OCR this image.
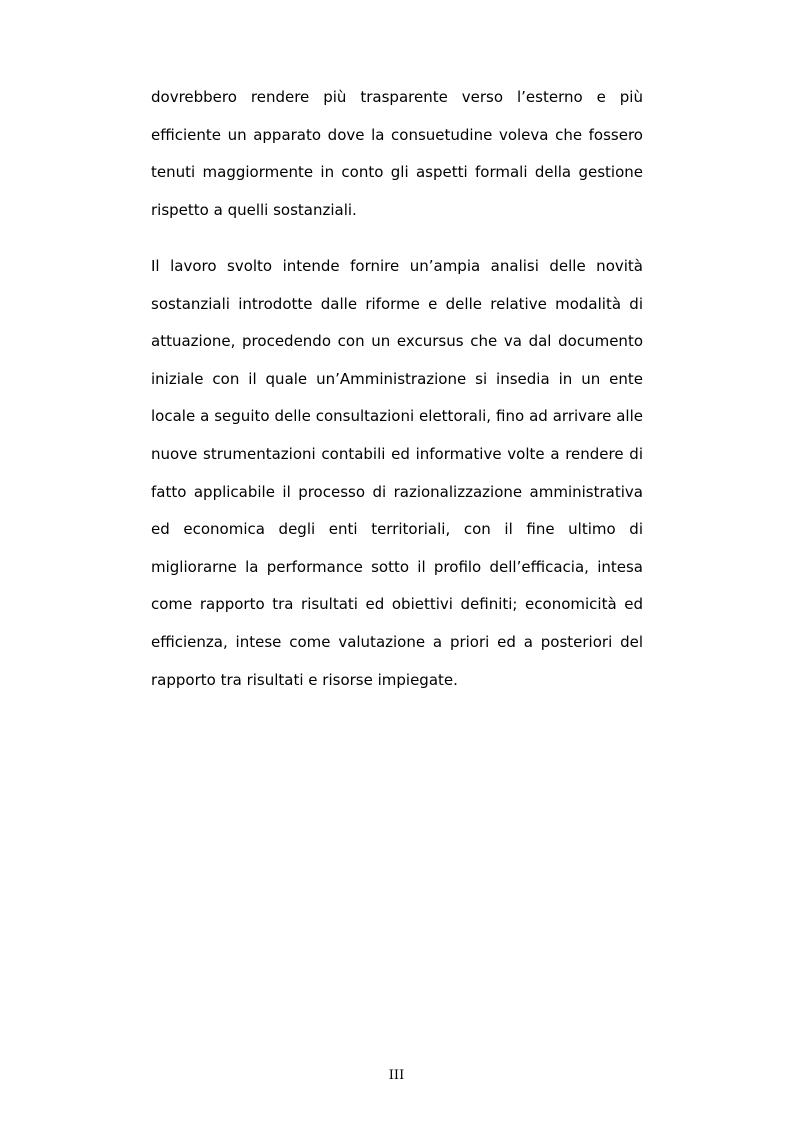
dovrebbero rendere più trasparente verso l’esterno e più efficiente un apparato dove la consuetudine voleva che fossero tenuti maggiormente in conto gli aspetti formali della gestione rispetto a quelli sostanziali.

Il lavoro svolto intende fornire un’ampia analisi delle novità sostanziali introdotte dalle riforme e delle relative modalità di attuazione, procedendo con un excursus che va dal documento iniziale con il quale un’Amministrazione si insedia in un ente locale a seguito delle consultazioni elettorali, fino ad arrivare alle nuove strumentazioni contabili ed informative volte a rendere di fatto applicabile il processo di razionalizzazione amministrativa ed economica degli enti territoriali, con il fine ultimo di migliorarne la performance sotto il profilo dell’efficacia, intesa come rapporto tra risultati ed obiettivi definiti; economicità ed efficienza, intese come valutazione a priori ed a posteriori del rapporto tra risultati e risorse impiegate.

III
